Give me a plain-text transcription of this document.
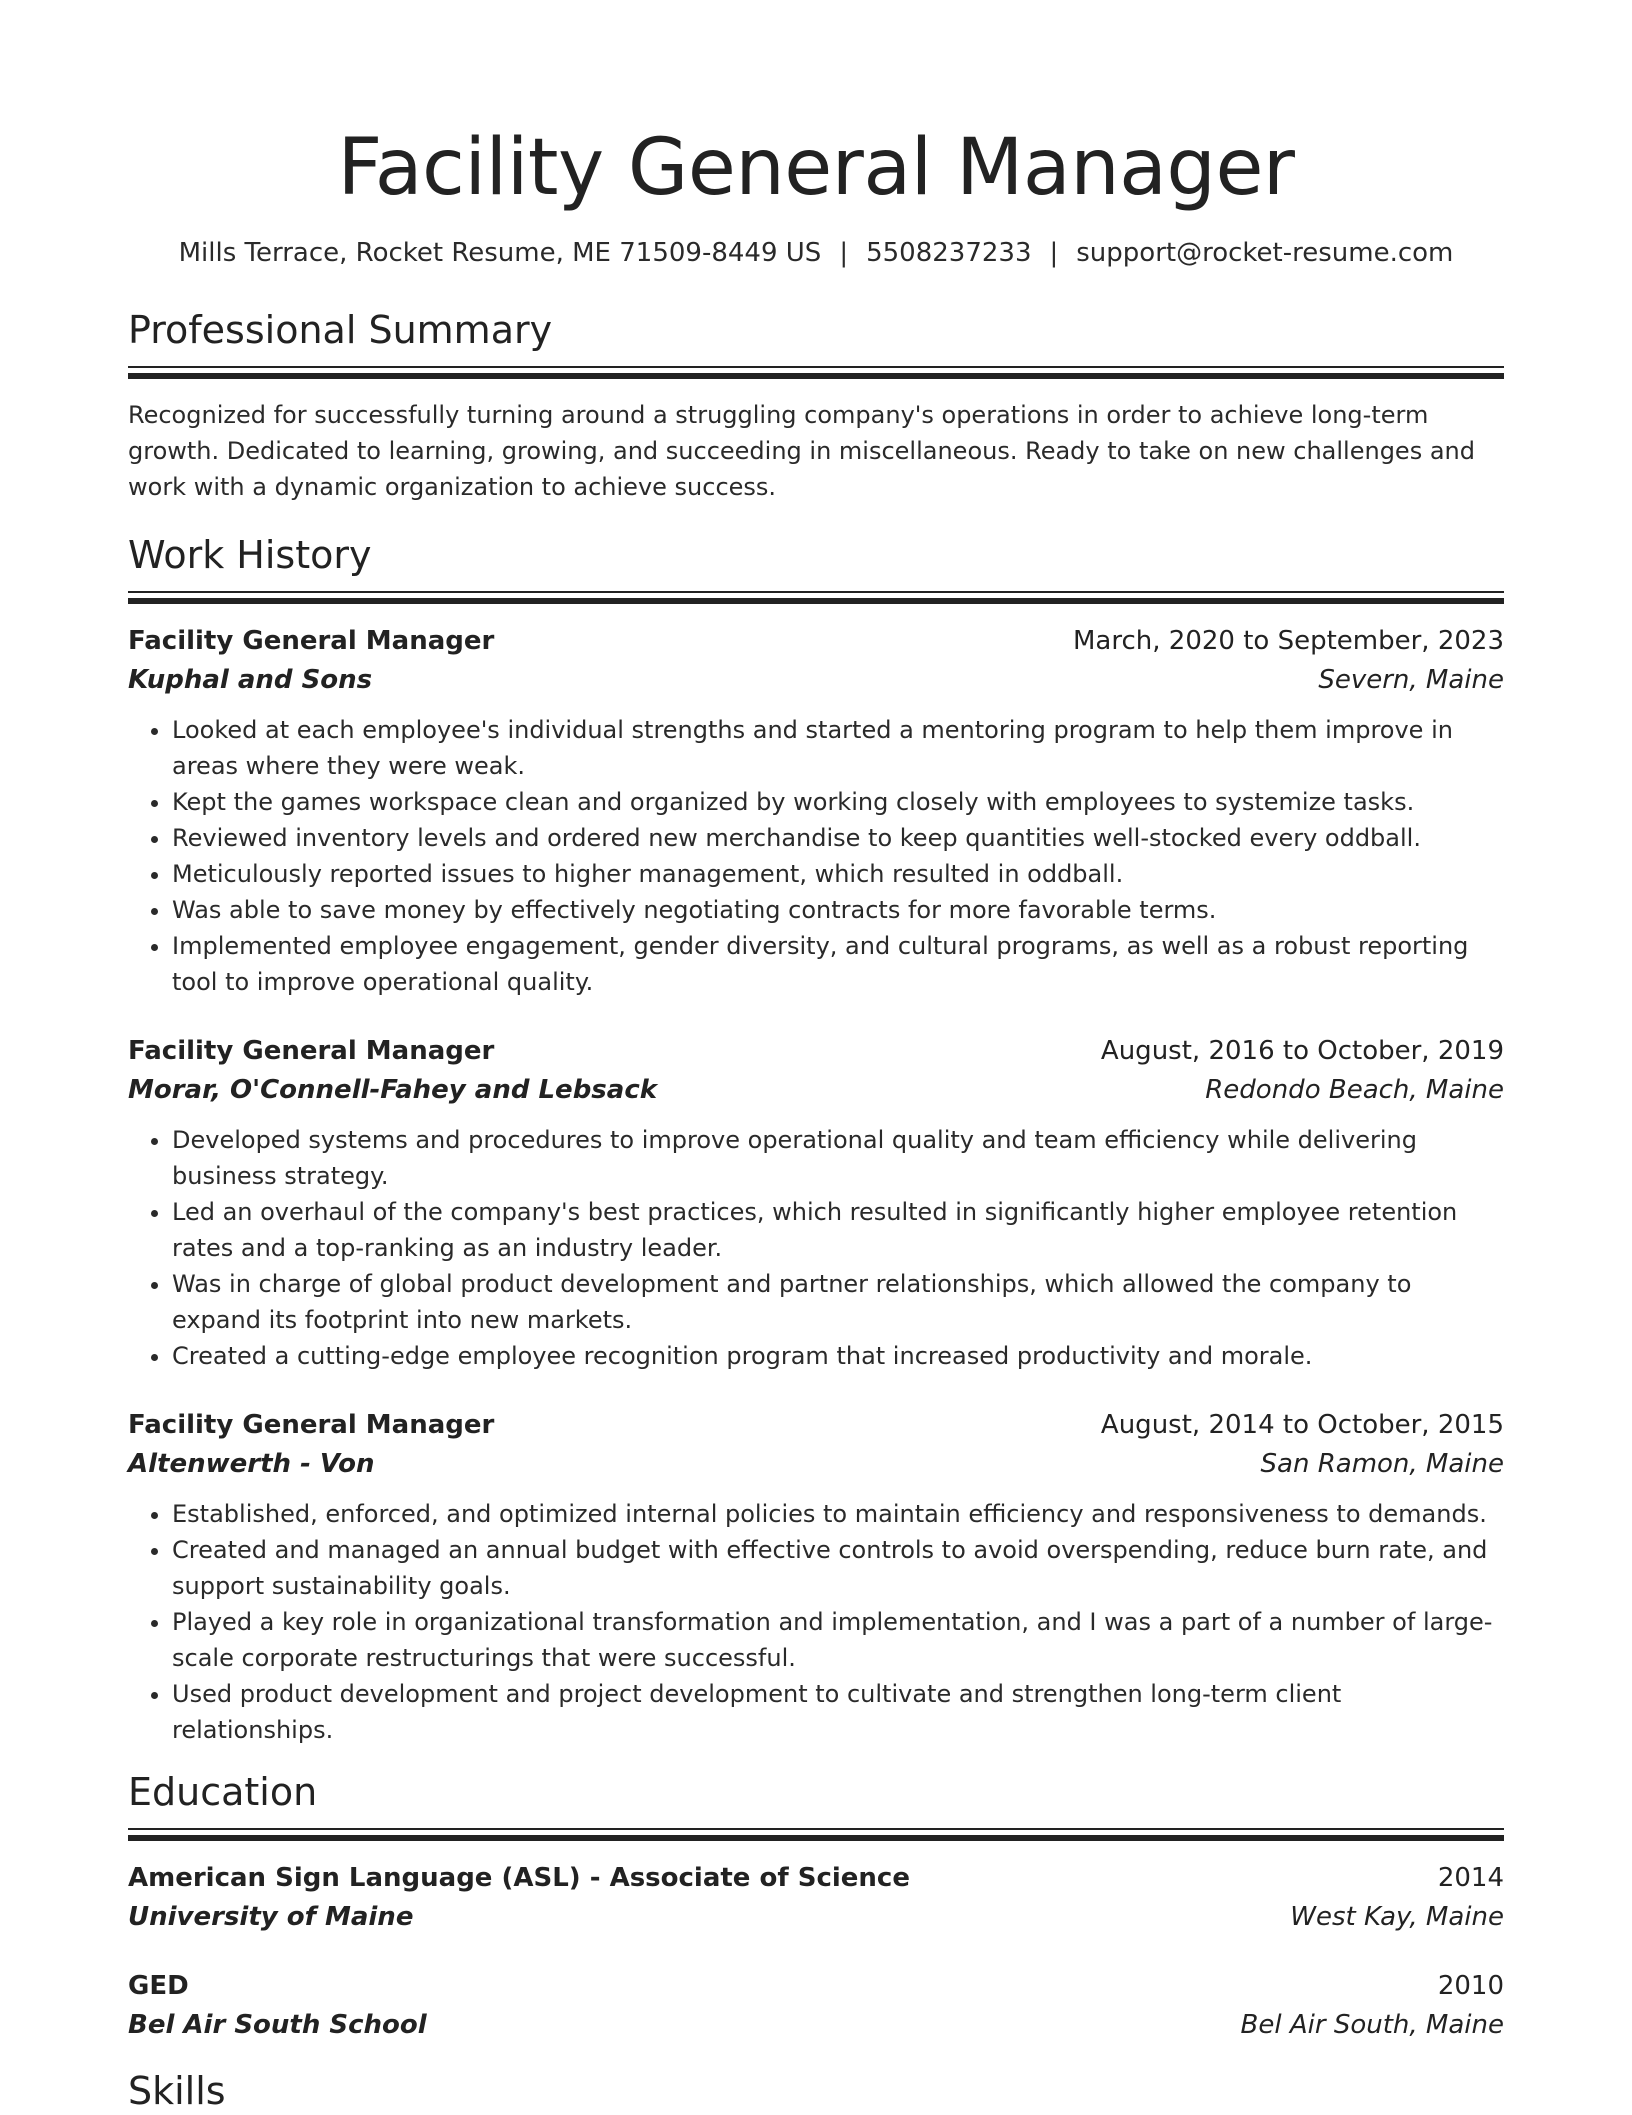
Facility General Manager
Mills Terrace, Rocket Resume, ME 71509-8449 US | 5508237233 | support@rocket-resume.com
Professional Summary
Recognized for successfully turning around a struggling company's operations in order to achieve long-term growth. Dedicated to learning, growing, and succeeding in miscellaneous. Ready to take on new challenges and work with a dynamic organization to achieve success.
Work History
Facility General Manager	March, 2020 to September, 2023
Kuphal and Sons	Severn, Maine
• Looked at each employee's individual strengths and started a mentoring program to help them improve in areas where they were weak.
• Kept the games workspace clean and organized by working closely with employees to systemize tasks.
• Reviewed inventory levels and ordered new merchandise to keep quantities well-stocked every oddball.
• Meticulously reported issues to higher management, which resulted in oddball.
• Was able to save money by effectively negotiating contracts for more favorable terms.
• Implemented employee engagement, gender diversity, and cultural programs, as well as a robust reporting tool to improve operational quality.
Facility General Manager	August, 2016 to October, 2019
Morar, O'Connell-Fahey and Lebsack	Redondo Beach, Maine
• Developed systems and procedures to improve operational quality and team efficiency while delivering business strategy.
• Led an overhaul of the company's best practices, which resulted in significantly higher employee retention rates and a top-ranking as an industry leader.
• Was in charge of global product development and partner relationships, which allowed the company to expand its footprint into new markets.
• Created a cutting-edge employee recognition program that increased productivity and morale.
Facility General Manager	August, 2014 to October, 2015
Altenwerth - Von	San Ramon, Maine
• Established, enforced, and optimized internal policies to maintain efficiency and responsiveness to demands.
• Created and managed an annual budget with effective controls to avoid overspending, reduce burn rate, and support sustainability goals.
• Played a key role in organizational transformation and implementation, and I was a part of a number of large-scale corporate restructurings that were successful.
• Used product development and project development to cultivate and strengthen long-term client relationships.
Education
American Sign Language (ASL) - Associate of Science	2014
University of Maine	West Kay, Maine
GED	2010
Bel Air South School	Bel Air South, Maine
Skills
